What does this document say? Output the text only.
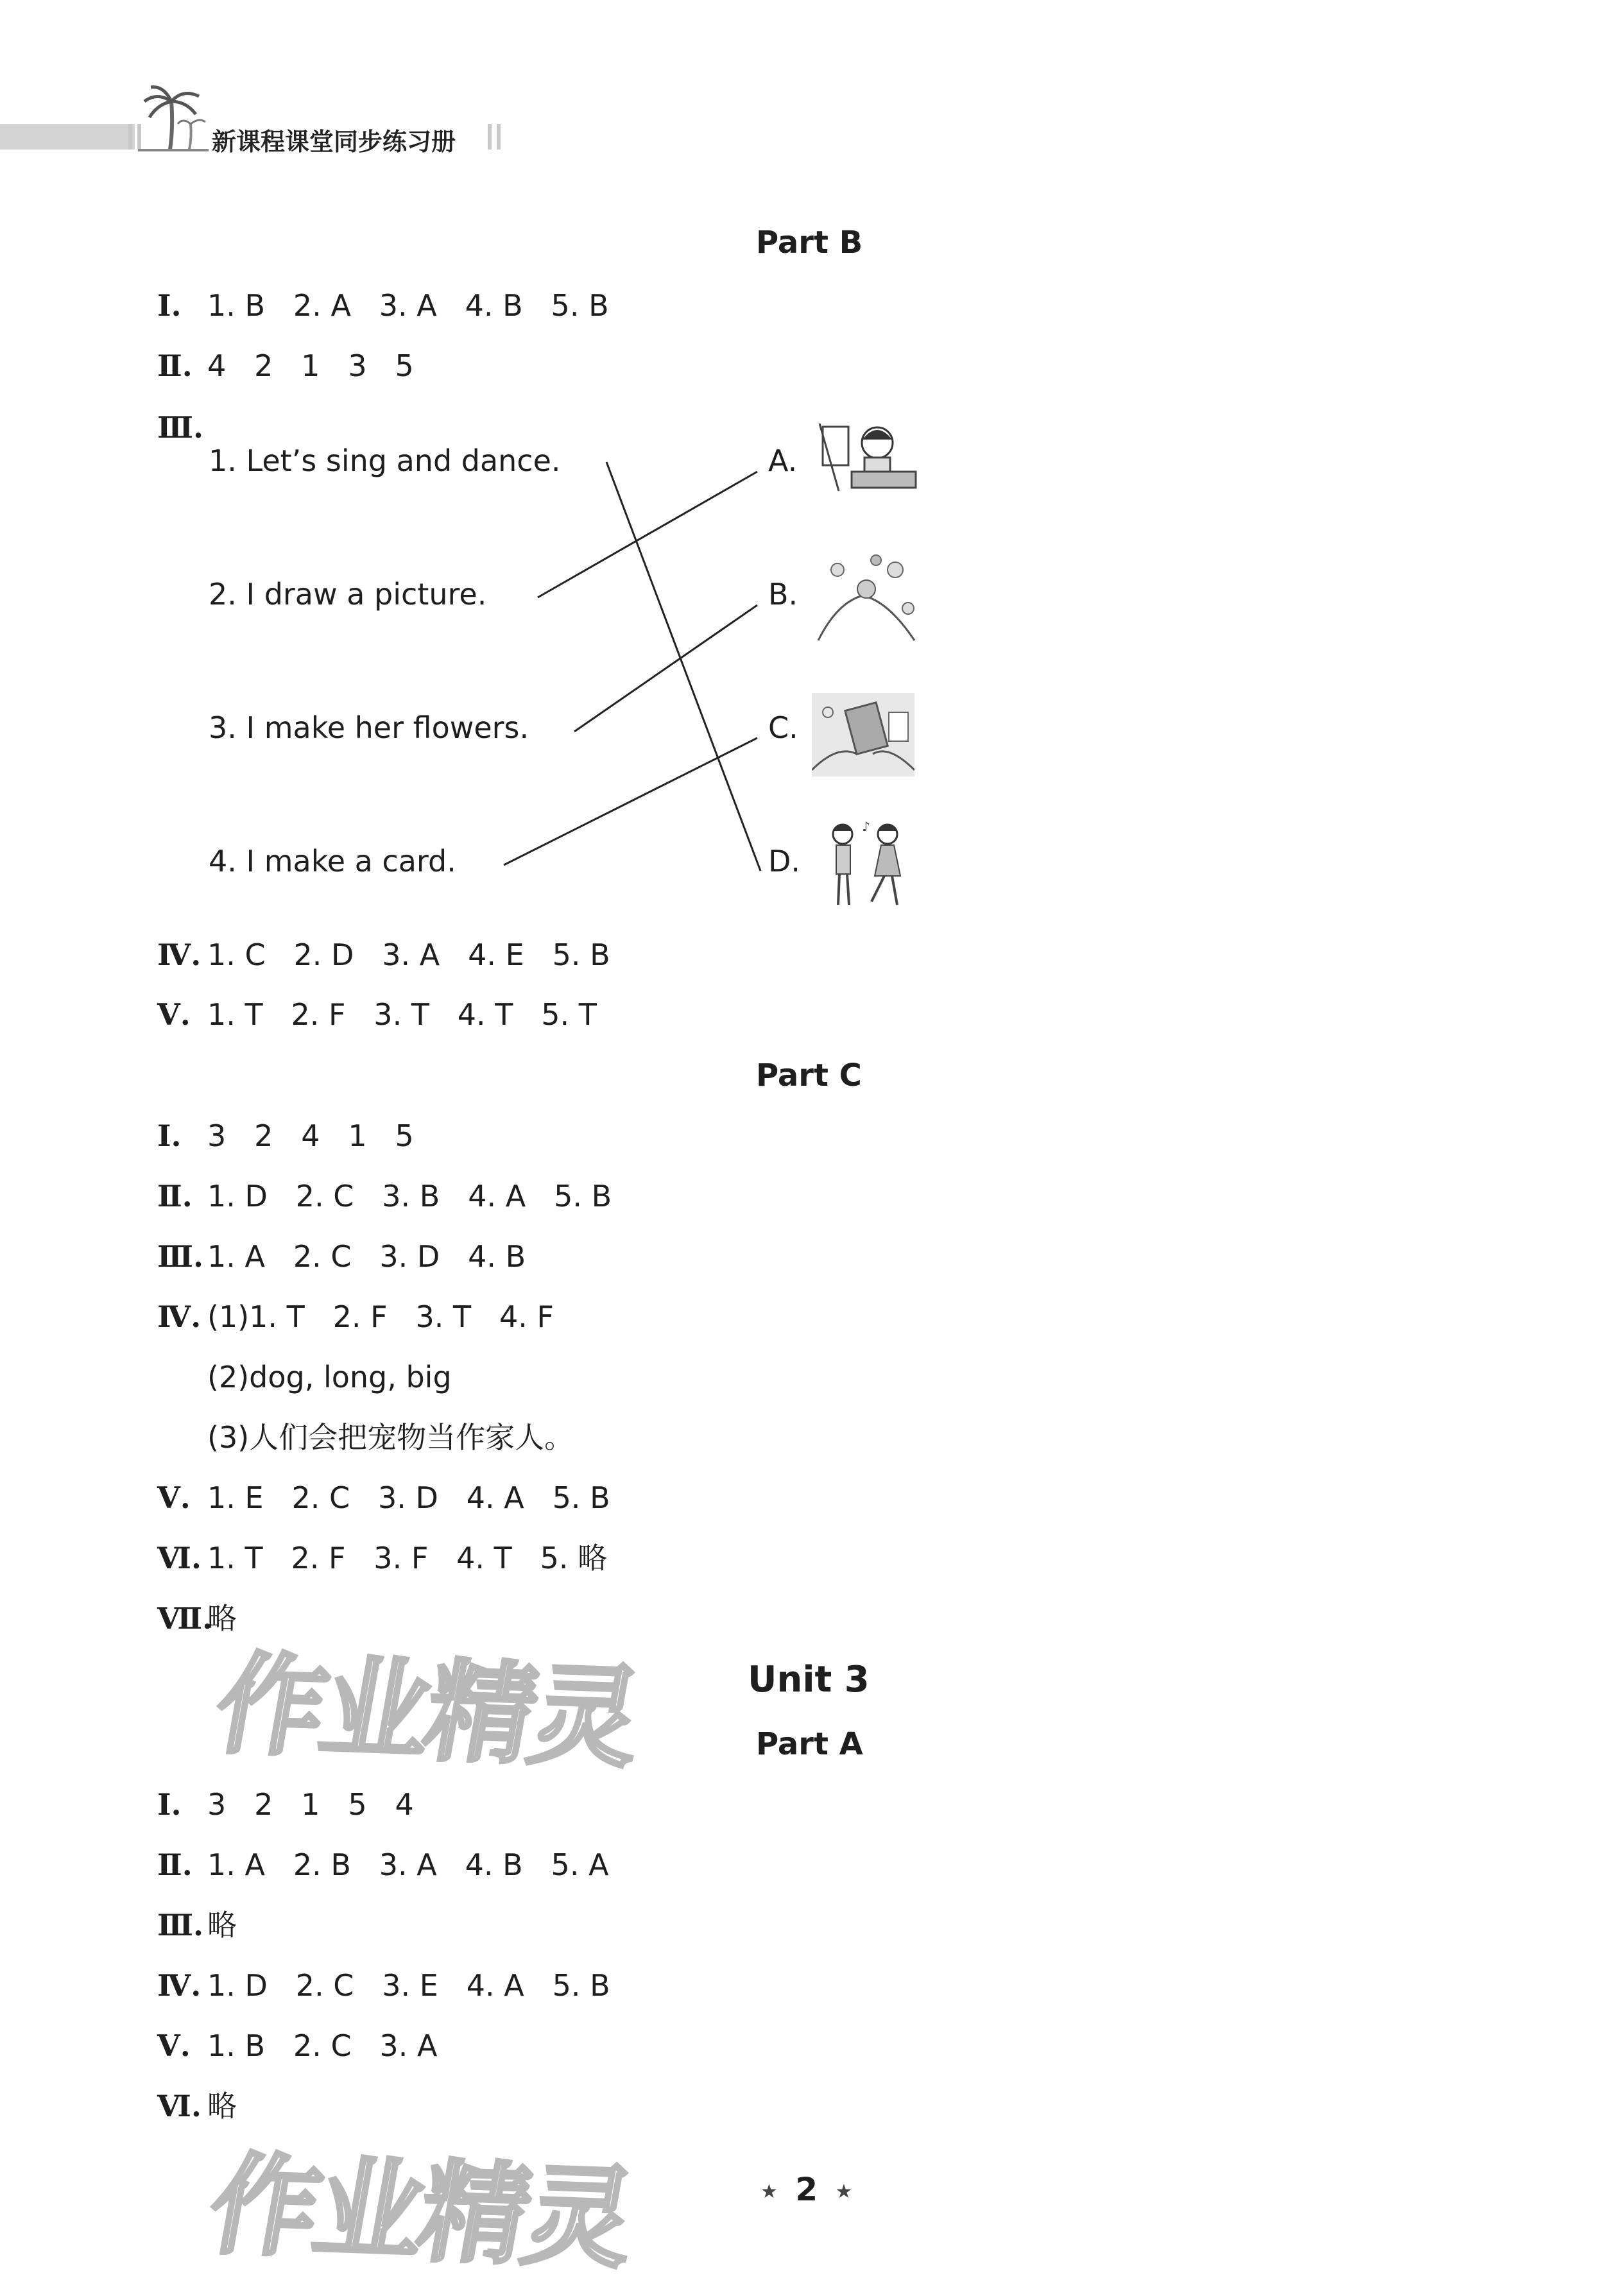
新课程课堂同步练习册
Part B
Ⅰ. 1. B   2. A   3. A   4. B   5. B
Ⅱ. 4   2   1   3   5
Ⅲ.
1. Let’s sing and dance.
2. I draw a picture.
3. I make her flowers.
4. I make a card.
A.
B.
C.
D.
♪
Ⅳ. 1. C   2. D   3. A   4. E   5. B
Ⅴ. 1. T   2. F   3. T   4. T   5. T
Part C
Ⅰ. 3   2   4   1   5
Ⅱ. 1. D   2. C   3. B   4. A   5. B
Ⅲ. 1. A   2. C   3. D   4. B
Ⅳ. (1)1. T   2. F   3. T   4. F
(2)dog, long, big
(3)人们会把宠物当作家人。
Ⅴ. 1. E   2. C   3. D   4. A   5. B
Ⅵ. 1. T   2. F   3. F   4. T   5. 略
Ⅶ.略
作业精灵	Unit 3
Part A
Ⅰ. 3   2   1   5   4
Ⅱ. 1. A   2. B   3. A   4. B   5. A
Ⅲ. 略
Ⅳ. 1. D   2. C   3. E   4. A   5. B
Ⅴ. 1. B   2. C   3. A
Ⅵ. 略
作业精灵	★ 2 ★
